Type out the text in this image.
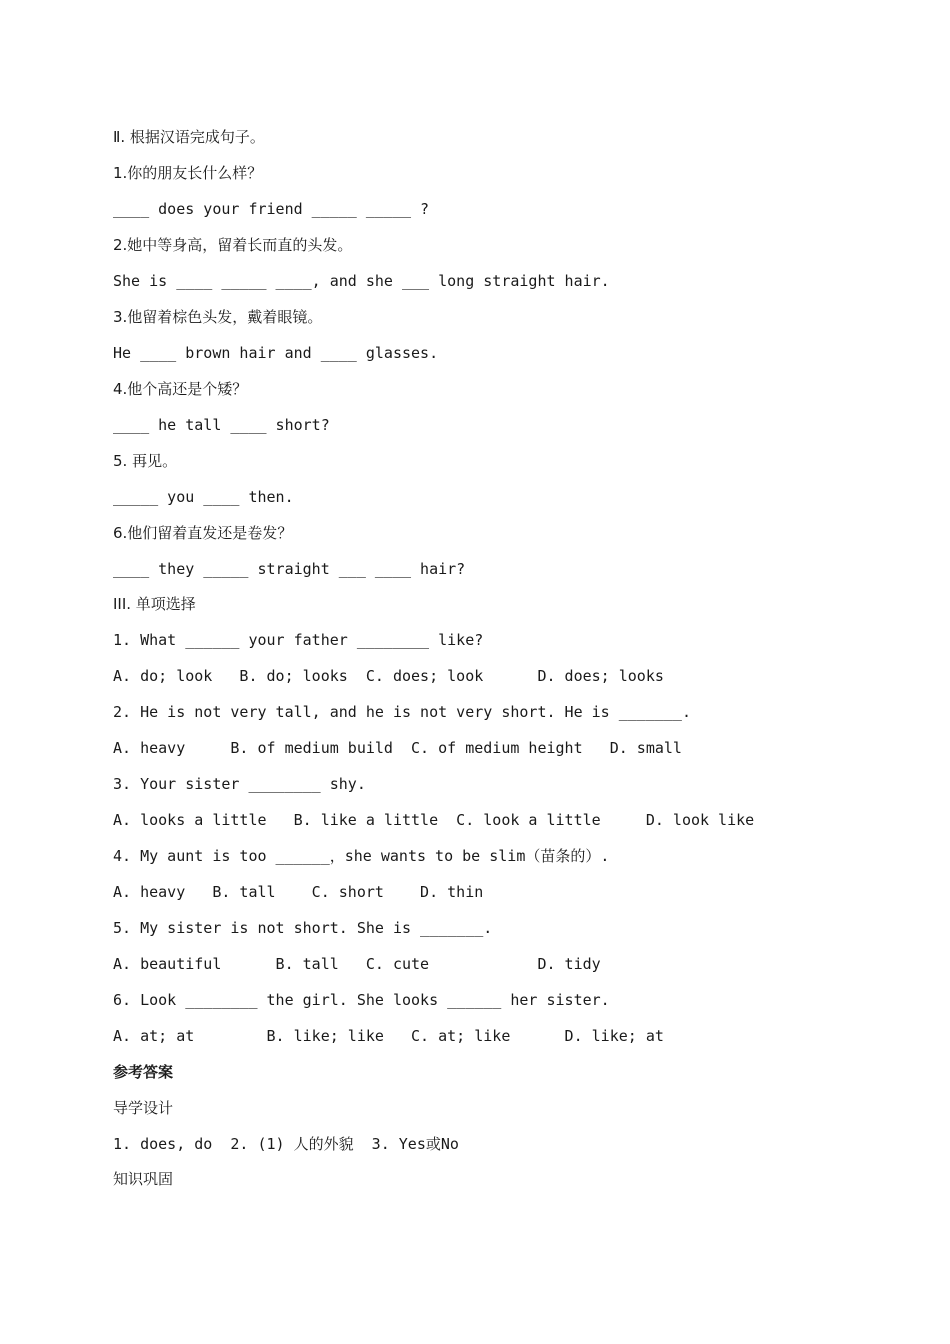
Ⅱ. 根据汉语完成句子。
1.你的朋友长什么样？
____ does your friend _____ _____ ?
2.她中等身高，留着长而直的头发。
She is ____ _____ ____, and she ___ long straight hair.
3.他留着棕色头发，戴着眼镜。
He ____ brown hair and ____ glasses.
4.他个高还是个矮？
____ he tall ____ short?
5. 再见。
_____ you ____ then.
6.他们留着直发还是卷发？
____ they _____ straight ___ ____ hair?
III. 单项选择
1. What ______ your father ________ like?
A. do; look   B. do; looks  C. does; look      D. does; looks
2. He is not very tall, and he is not very short. He is _______.
A. heavy     B. of medium build  C. of medium height   D. small
3. Your sister ________ shy.
A. looks a little   B. like a little  C. look a little     D. look like
4. My aunt is too ______，she wants to be slim（苗条的）.
A. heavy   B. tall    C. short    D. thin
5. My sister is not short. She is _______.
A. beautiful      B. tall   C. cute            D. tidy
6. Look ________ the girl. She looks ______ her sister.
A. at; at        B. like; like   C. at; like      D. like; at
参考答案
导学设计
1. does, do  2. (1) 人的外貌  3. Yes或No
知识巩固
